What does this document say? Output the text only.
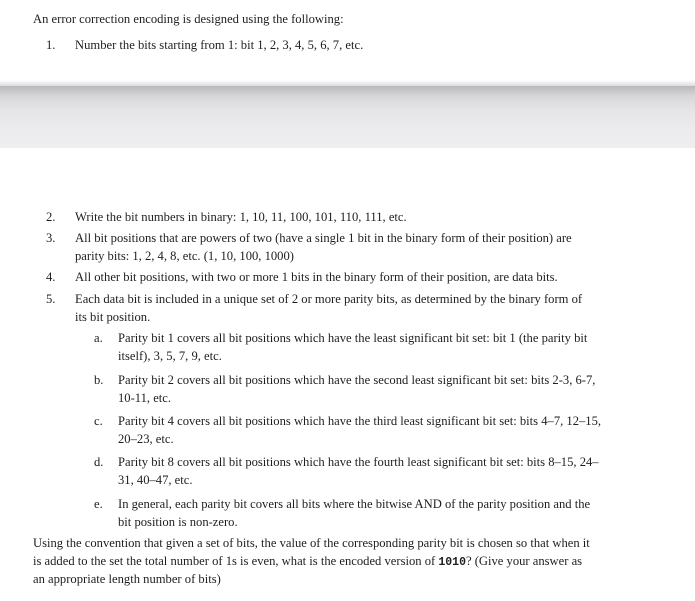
An error correction encoding is designed using the following:
1. Number the bits starting from 1: bit 1, 2, 3, 4, 5, 6, 7, etc.
2. Write the bit numbers in binary: 1, 10, 11, 100, 101, 110, 111, etc.
3. All bit positions that are powers of two (have a single 1 bit in the binary form of their position) are
parity bits: 1, 2, 4, 8, etc. (1, 10, 100, 1000)
4. All other bit positions, with two or more 1 bits in the binary form of their position, are data bits.
5. Each data bit is included in a unique set of 2 or more parity bits, as determined by the binary form of
its bit position.
a. Parity bit 1 covers all bit positions which have the least significant bit set: bit 1 (the parity bit
itself), 3, 5, 7, 9, etc.
b. Parity bit 2 covers all bit positions which have the second least significant bit set: bits 2-3, 6-7,
10-11, etc.
c. Parity bit 4 covers all bit positions which have the third least significant bit set: bits 4–7, 12–15,
20–23, etc.
d. Parity bit 8 covers all bit positions which have the fourth least significant bit set: bits 8–15, 24–
31, 40–47, etc.
e. In general, each parity bit covers all bits where the bitwise AND of the parity position and the
bit position is non-zero.
Using the convention that given a set of bits, the value of the corresponding parity bit is chosen so that when it
is added to the set the total number of 1s is even, what is the encoded version of 1010? (Give your answer as
an appropriate length number of bits)
